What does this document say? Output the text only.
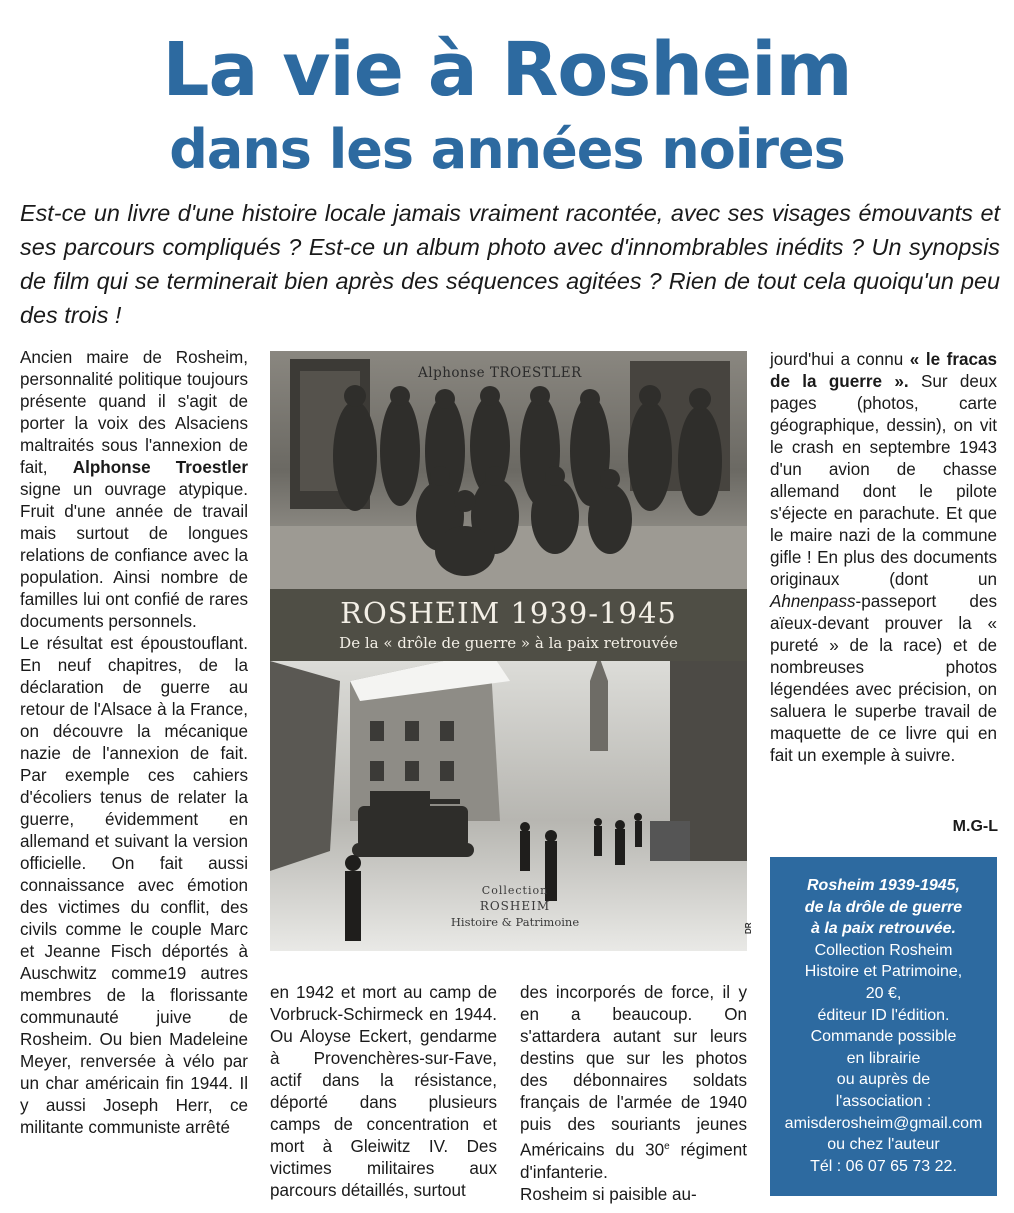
La vie à Rosheim
dans les années noires

Est-ce un livre d'une histoire locale jamais vraiment racontée, avec ses visages émouvants et ses parcours compliqués ? Est-ce un album photo avec d'innombrables inédits ? Un synopsis de film qui se terminerait bien après des séquences agitées ? Rien de tout cela quoiqu'un peu des trois !

Ancien maire de Rosheim, personnalité politique toujours présente quand il s'agit de porter la voix des Alsaciens maltraités sous l'annexion de fait, Alphonse Troestler signe un ouvrage atypique. Fruit d'une année de travail mais surtout de longues relations de confiance avec la population. Ainsi nombre de familles lui ont confié de rares documents personnels.

Le résultat est époustouflant. En neuf chapitres, de la déclaration de guerre au retour de l'Alsace à la France, on découvre la mécanique nazie de l'annexion de fait. Par exemple ces cahiers d'écoliers tenus de relater la guerre, évidemment en allemand et suivant la version officielle. On fait aussi connaissance avec émotion des victimes du conflit, des civils comme le couple Marc et Jeanne Fisch déportés à Auschwitz comme19 autres membres de la florissante communauté juive de Rosheim. Ou bien Madeleine Meyer, renversée à vélo par un char américain fin 1944. Il y aussi Joseph Herr, ce militante communiste arrêté

Alphonse TROESTLER
ROSHEIM 1939-1945
De la « drôle de guerre » à la paix retrouvée
Collection
ROSHEIM
Histoire & Patrimoine	DR

en 1942 et mort au camp de Vorbruck-Schirmeck en 1944. Ou Aloyse Eckert, gendarme à Provenchères-sur-Fave, actif dans la résistance, déporté dans plusieurs camps de concentration et mort à Gleiwitz IV. Des victimes militaires aux parcours détaillés, surtout

des incorporés de force, il y en a beaucoup. On s'attardera autant sur leurs destins que sur les photos des débonnaires soldats français de l'armée de 1940 puis des souriants jeunes Américains du 30e régiment d'infanterie.

Rosheim si paisible au-

jourd'hui a connu « le fracas de la guerre ». Sur deux pages (photos, carte géographique, dessin), on vit le crash en septembre 1943 d'un avion de chasse allemand dont le pilote s'éjecte en parachute. Et que le maire nazi de la commune gifle ! En plus des documents originaux (dont un Ahnenpass-passeport des aïeux-devant prouver la « pureté » de la race) et de nombreuses photos légendées avec précision, on saluera le superbe travail de maquette de ce livre qui en fait un exemple à suivre.

M.G-L
Rosheim 1939-1945,
de la drôle de guerre
à la paix retrouvée.
Collection Rosheim
Histoire et Patrimoine,
20 €,
éditeur ID l'édition.
Commande possible
en librairie
ou auprès de
l'association :
amisderosheim@gmail.com
ou chez l'auteur
Tél : 06 07 65 73 22.
